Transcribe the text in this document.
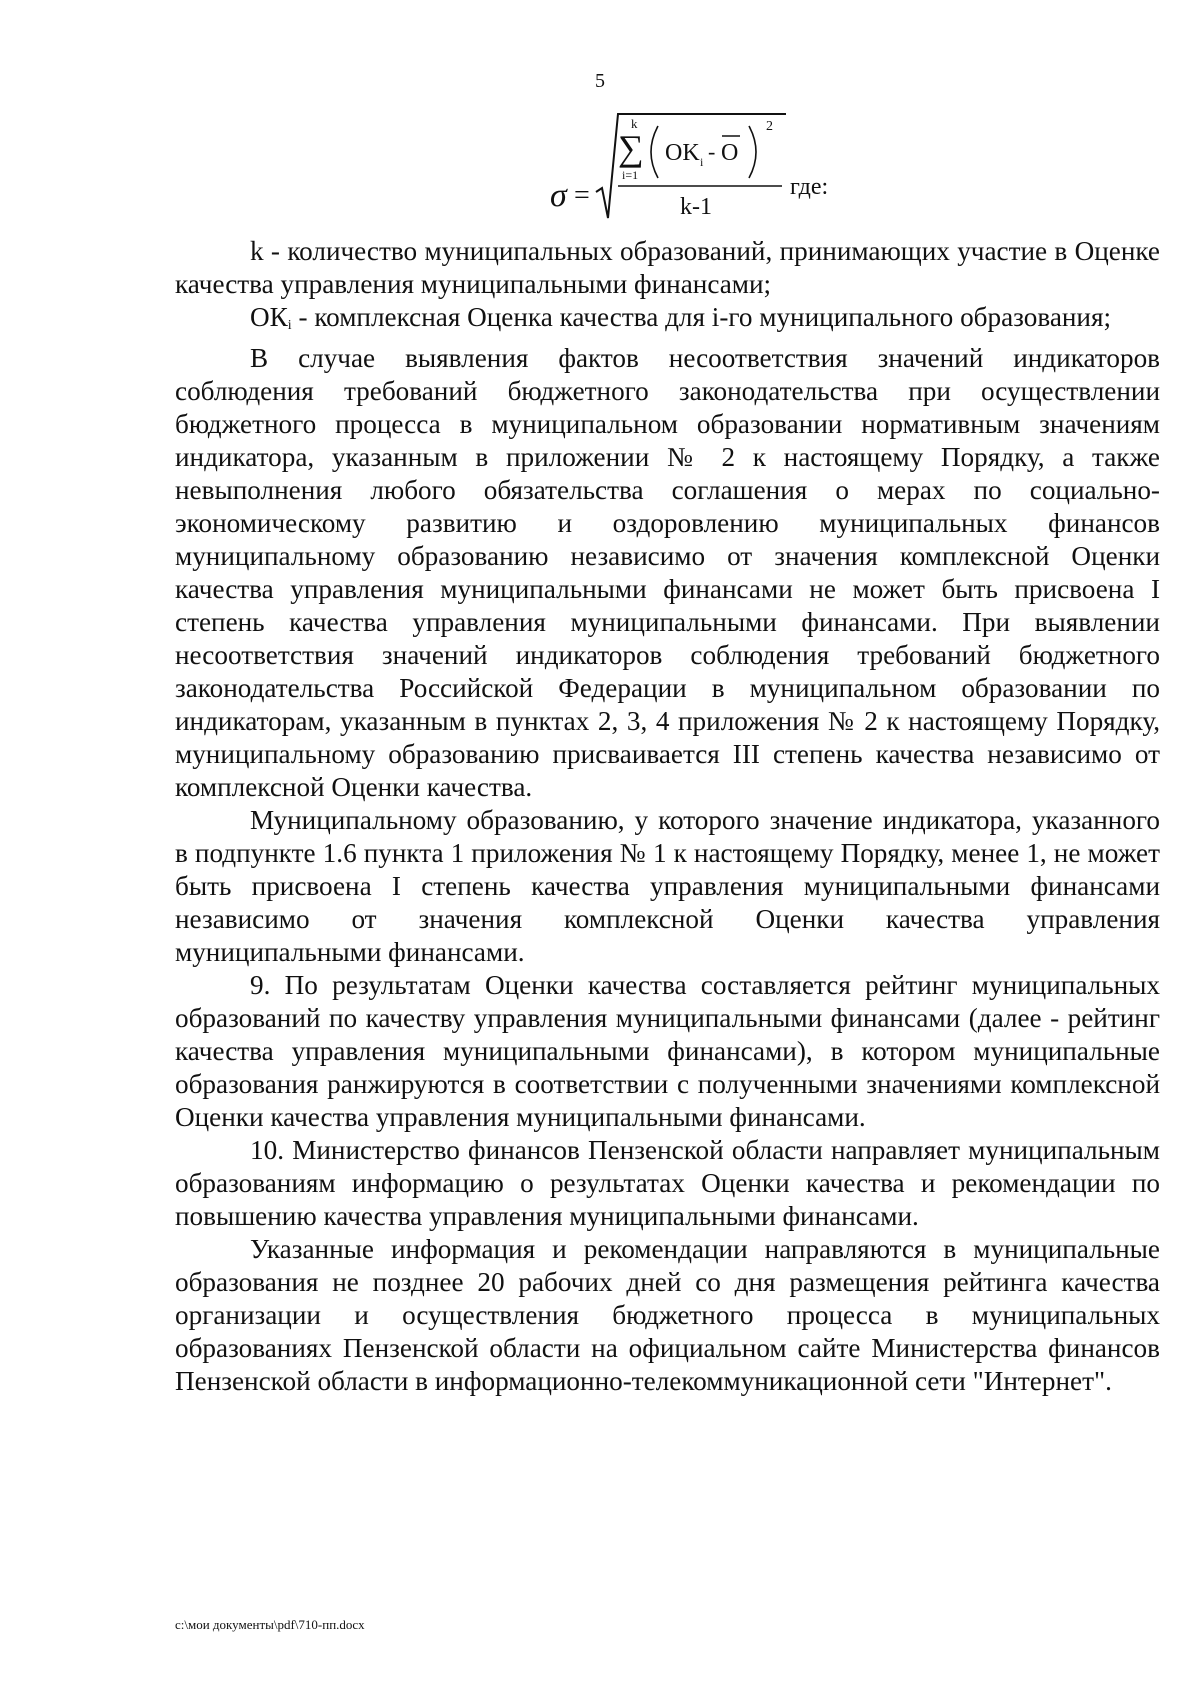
5
σ =
k
∑
i=1
OK i - O
2
k-1
где:

k - количество муниципальных образований, принимающих участие в Оценке качества управления муниципальными финансами;

$ОК_i$ - комплексная Оценка качества для i-го муниципального образования;

В случае выявления фактов несоответствия значений индикаторов соблюдения требований бюджетного законодательства при осуществлении бюджетного процесса в муниципальном образовании нормативным значениям индикатора, указанным в приложении № 2 к настоящему Порядку, а также невыполнения любого обязательства соглашения о мерах по социально-экономическому развитию и оздоровлению муниципальных финансов муниципальному образованию независимо от значения комплексной Оценки качества управления муниципальными финансами не может быть присвоена I степень качества управления муниципальными финансами. При выявлении несоответствия значений индикаторов соблюдения требований бюджетного законодательства Российской Федерации в муниципальном образовании по индикаторам, указанным в пунктах 2, 3, 4 приложения № 2 к настоящему Порядку, муниципальному образованию присваивается III степень качества независимо от комплексной Оценки качества.

Муниципальному образованию, у которого значение индикатора, указанного в подпункте 1.6 пункта 1 приложения № 1 к настоящему Порядку, менее 1, не может быть присвоена I степень качества управления муниципальными финансами независимо от значения комплексной Оценки качества управления муниципальными финансами.

9. По результатам Оценки качества составляется рейтинг муниципальных образований по качеству управления муниципальными финансами (далее - рейтинг качества управления муниципальными финансами), в котором муниципальные образования ранжируются в соответствии с полученными значениями комплексной Оценки качества управления муниципальными финансами.

10. Министерство финансов Пензенской области направляет муниципальным образованиям информацию о результатах Оценки качества и рекомендации по повышению качества управления муниципальными финансами.

Указанные информация и рекомендации направляются в муниципальные образования не позднее 20 рабочих дней со дня размещения рейтинга качества организации и осуществления бюджетного процесса в муниципальных образованиях Пензенской области на официальном сайте Министерства финансов Пензенской области в информационно-телекоммуникационной сети "Интернет".

c:\мои документы\pdf\710-пп.docx
